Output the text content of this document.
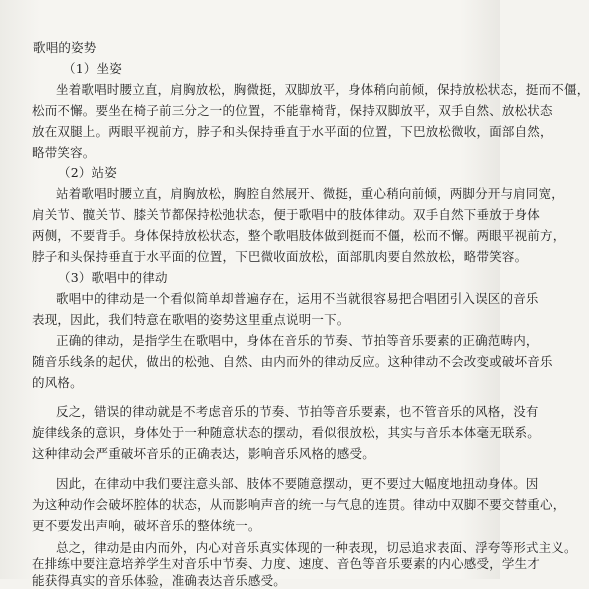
歌唱的姿势
（1）坐姿
坐着歌唱时腰立直，肩胸放松，胸微挺，双脚放平，身体稍向前倾，保持放松状态，挺而不僵，
松而不懈。要坐在椅子前三分之一的位置，不能靠椅背，保持双脚放平，双手自然、放松状态
放在双腿上。两眼平视前方，脖子和头保持垂直于水平面的位置，下巴放松微收，面部自然，
略带笑容。
（2）站姿
站着歌唱时腰立直，肩胸放松，胸腔自然展开、微挺，重心稍向前倾，两脚分开与肩同宽，
肩关节、髋关节、膝关节都保持松弛状态，便于歌唱中的肢体律动。双手自然下垂放于身体
两侧，不要背手。身体保持放松状态，整个歌唱肢体做到挺而不僵，松而不懈。两眼平视前方，
脖子和头保持垂直于水平面的位置，下巴微收面放松，面部肌肉要自然放松，略带笑容。
（3）歌唱中的律动
歌唱中的律动是一个看似简单却普遍存在，运用不当就很容易把合唱团引入误区的音乐
表现，因此，我们特意在歌唱的姿势这里重点说明一下。
正确的律动，是指学生在歌唱中，身体在音乐的节奏、节拍等音乐要素的正确范畴内，
随音乐线条的起伏，做出的松弛、自然、由内而外的律动反应。这种律动不会改变或破坏音乐
的风格。
反之，错误的律动就是不考虑音乐的节奏、节拍等音乐要素，也不管音乐的风格，没有
旋律线条的意识，身体处于一种随意状态的摆动，看似很放松，其实与音乐本体毫无联系。
这种律动会严重破坏音乐的正确表达，影响音乐风格的感受。
因此，在律动中我们要注意头部、肢体不要随意摆动，更不要过大幅度地扭动身体。因
为这种动作会破坏腔体的状态，从而影响声音的统一与气息的连贯。律动中双脚不要交替重心，
更不要发出声响，破坏音乐的整体统一。
总之，律动是由内而外，内心对音乐真实体现的一种表现，切忌追求表面、浮夸等形式主义。
在排练中要注意培养学生对音乐中节奏、力度、速度、音色等音乐要素的内心感受，学生才
能获得真实的音乐体验，准确表达音乐感受。
